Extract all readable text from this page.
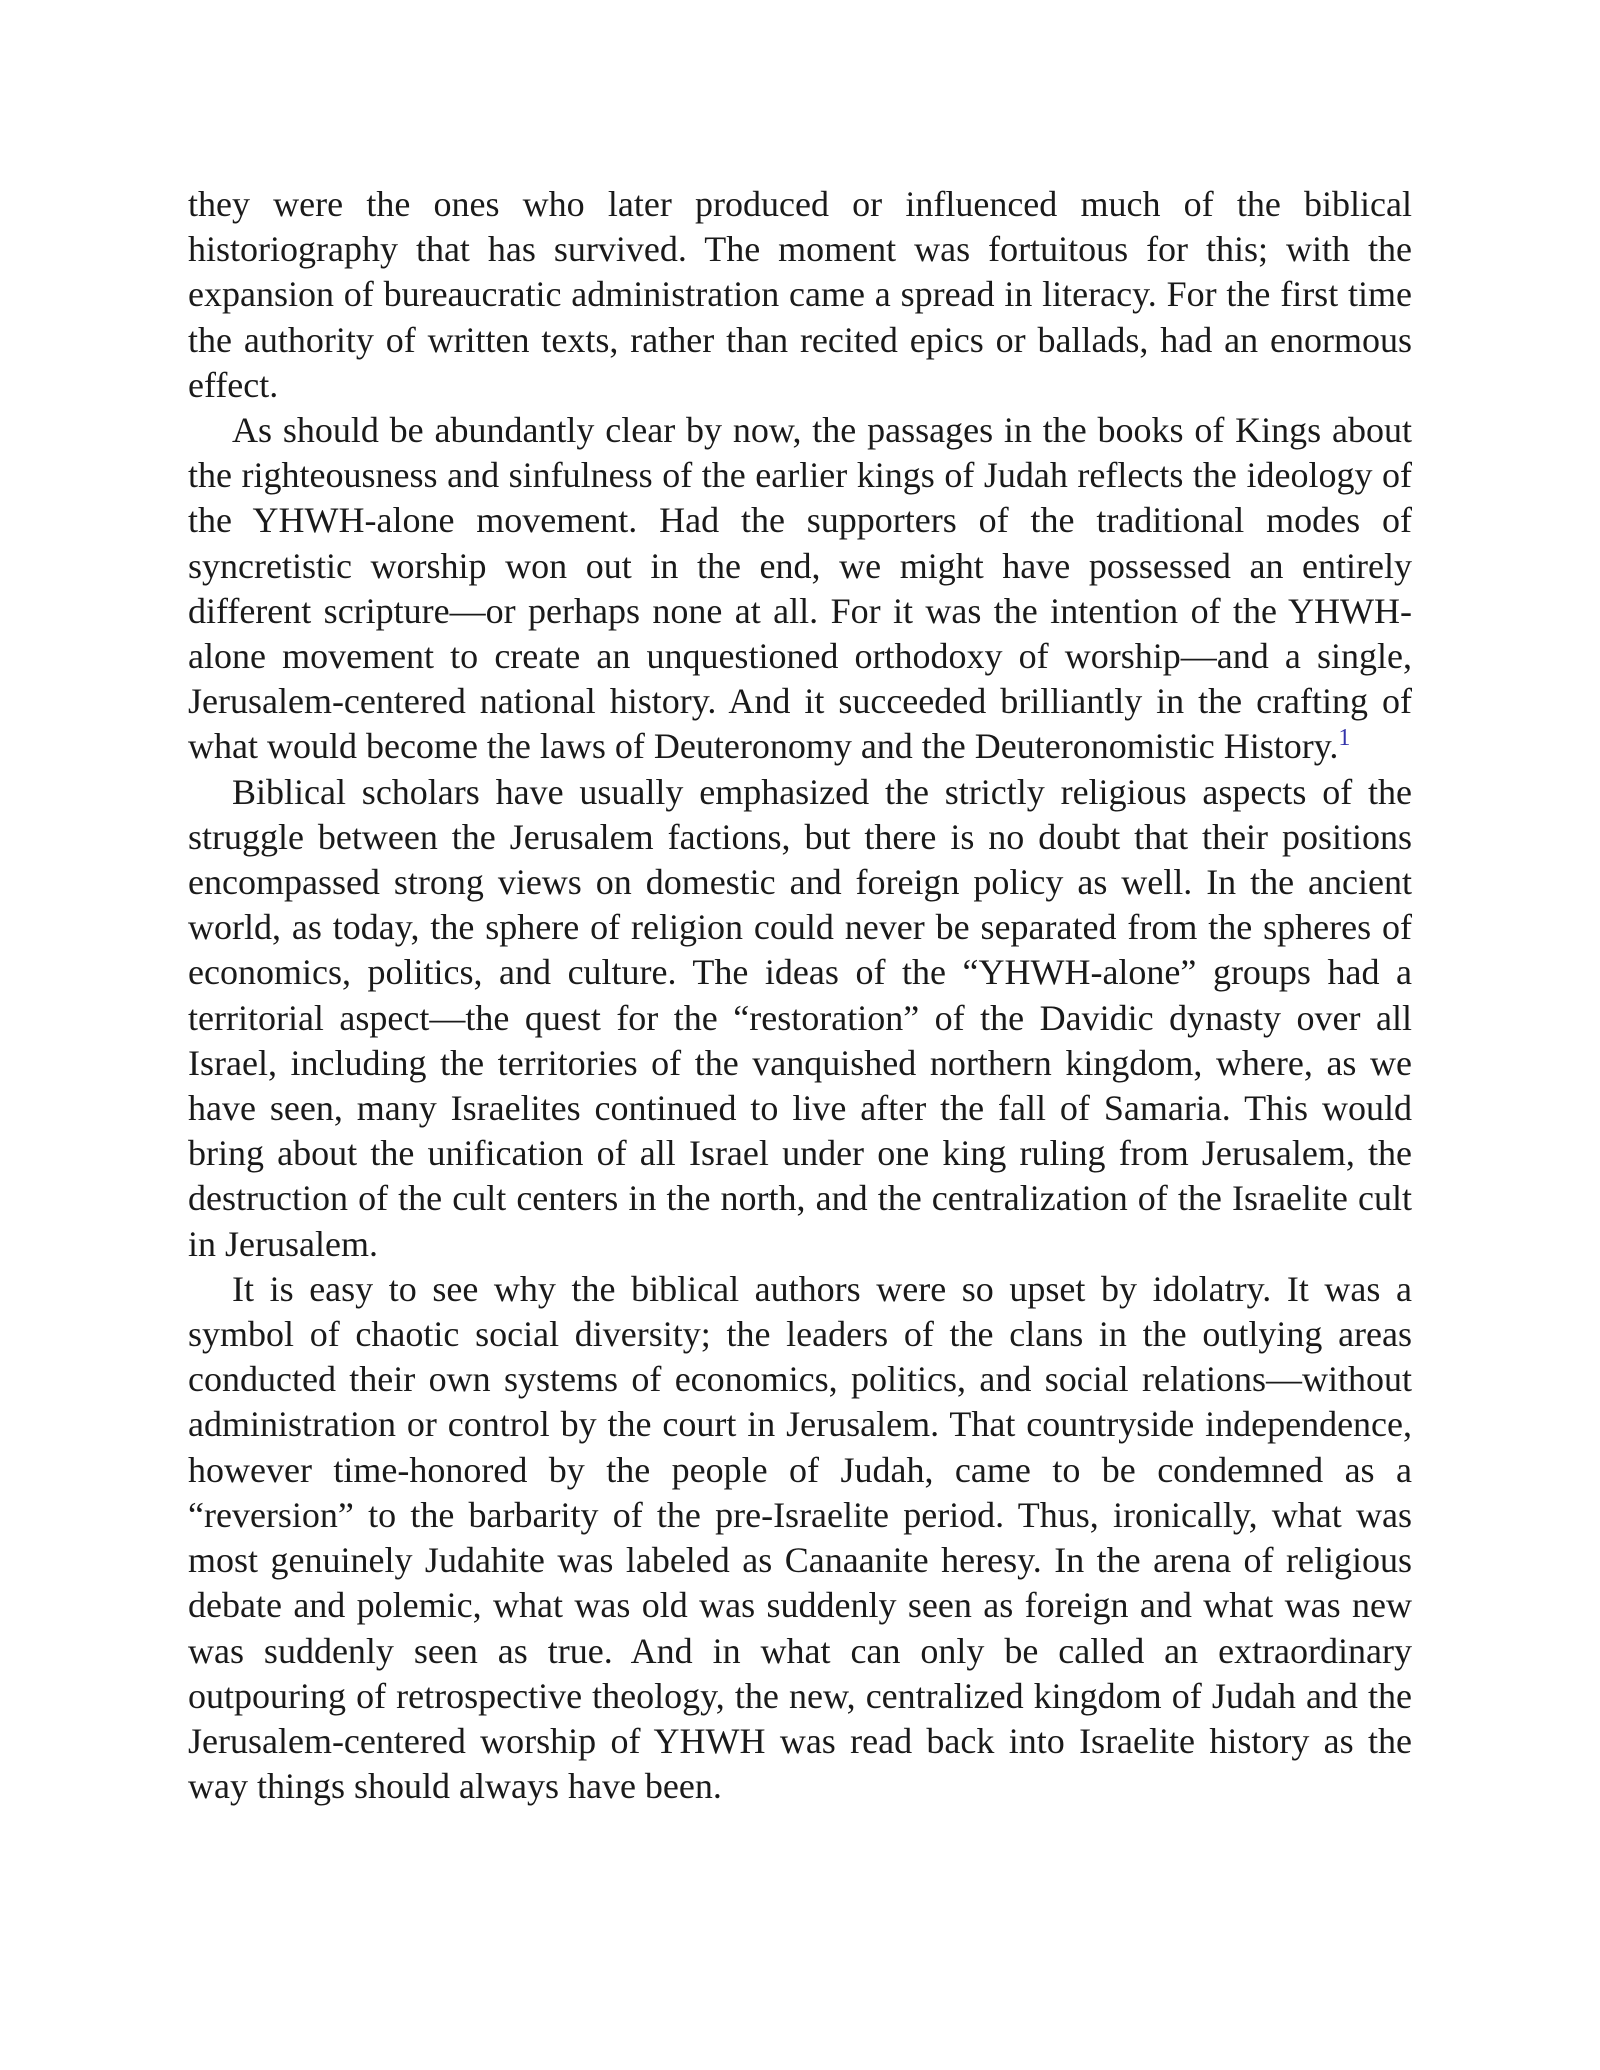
they were the ones who later produced or influenced much of the biblical historiography that has survived. The moment was fortuitous for this; with the expansion of bureaucratic administration came a spread in literacy. For the first time the authority of written texts, rather than recited epics or ballads, had an enormous effect.

As should be abundantly clear by now, the passages in the books of Kings about the righteousness and sinfulness of the earlier kings of Judah reflects the ideology of the YHWH-alone movement. Had the supporters of the traditional modes of syncretistic worship won out in the end, we might have possessed an entirely different scripture—or perhaps none at all. For it was the intention of the YHWH-alone movement to create an unquestioned orthodoxy of worship—and a single, Jerusalem-centered national history. And it succeeded brilliantly in the crafting of what would become the laws of Deuteronomy and the Deuteronomistic History.$^1$

Biblical scholars have usually emphasized the strictly religious aspects of the struggle between the Jerusalem factions, but there is no doubt that their positions encompassed strong views on domestic and foreign policy as well. In the ancient world, as today, the sphere of religion could never be separated from the spheres of economics, politics, and culture. The ideas of the “YHWH-alone” groups had a territorial aspect—the quest for the “restoration” of the Davidic dynasty over all Israel, including the territories of the vanquished northern kingdom, where, as we have seen, many Israelites continued to live after the fall of Samaria. This would bring about the unification of all Israel under one king ruling from Jerusalem, the destruction of the cult centers in the north, and the centralization of the Israelite cult in Jerusalem.

It is easy to see why the biblical authors were so upset by idolatry. It was a symbol of chaotic social diversity; the leaders of the clans in the outlying areas conducted their own systems of economics, politics, and social relations—without administration or control by the court in Jerusalem. That countryside independence, however time-honored by the people of Judah, came to be condemned as a “reversion” to the barbarity of the pre-Israelite period. Thus, ironically, what was most genuinely Judahite was labeled as Canaanite heresy. In the arena of religious debate and polemic, what was old was suddenly seen as foreign and what was new was suddenly seen as true. And in what can only be called an extraordinary outpouring of retrospective theology, the new, centralized kingdom of Judah and the Jerusalem-centered worship of YHWH was read back into Israelite history as the way things should always have been.
